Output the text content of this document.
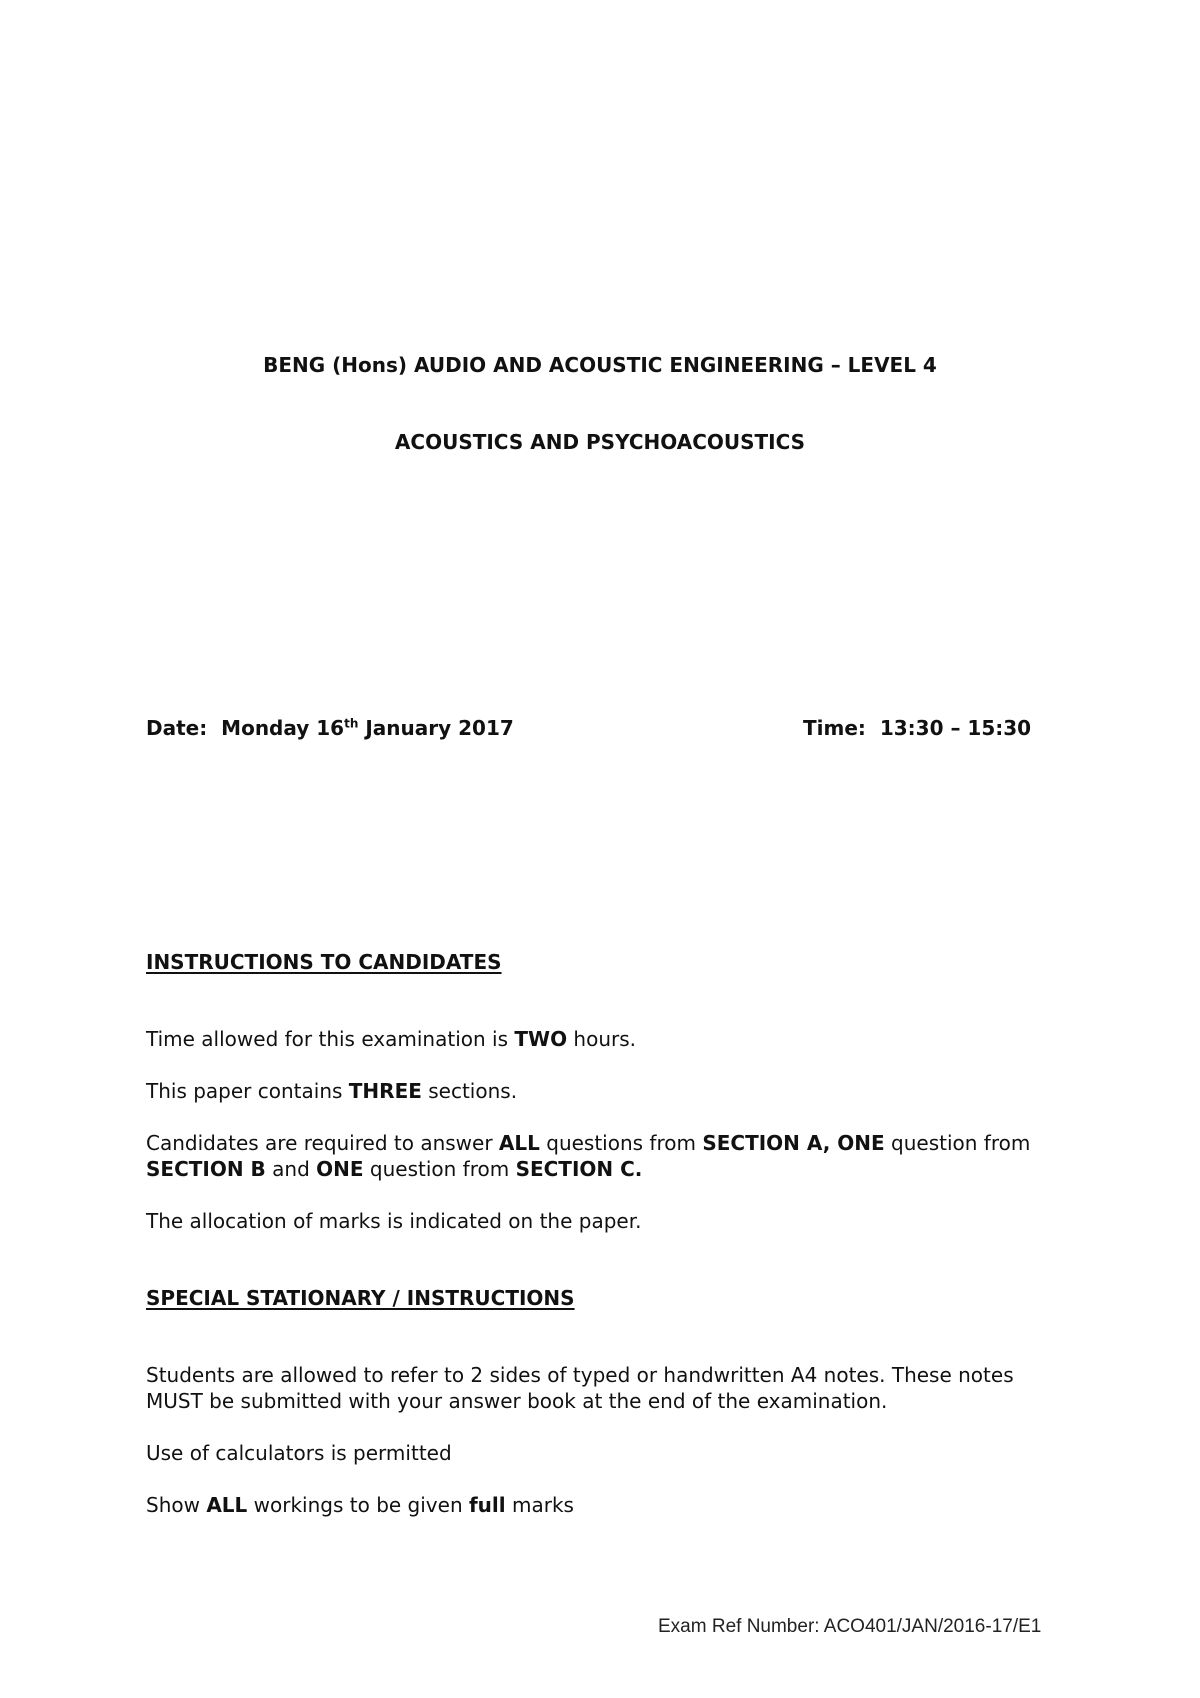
BENG (Hons) AUDIO AND ACOUSTIC ENGINEERING – LEVEL 4
ACOUSTICS AND PSYCHOACOUSTICS
Date: Monday 16th January 2017	Time: 13:30 – 15:30
INSTRUCTIONS TO CANDIDATES
Time allowed for this examination is TWO hours.
This paper contains THREE sections.
Candidates are required to answer ALL questions from SECTION A, ONE question from
SECTION B and ONE question from SECTION C.
The allocation of marks is indicated on the paper.
SPECIAL STATIONARY / INSTRUCTIONS
Students are allowed to refer to 2 sides of typed or handwritten A4 notes. These notes
MUST be submitted with your answer book at the end of the examination.
Use of calculators is permitted
Show ALL workings to be given full marks
Exam Ref Number: ACO401/JAN/2016-17/E1
